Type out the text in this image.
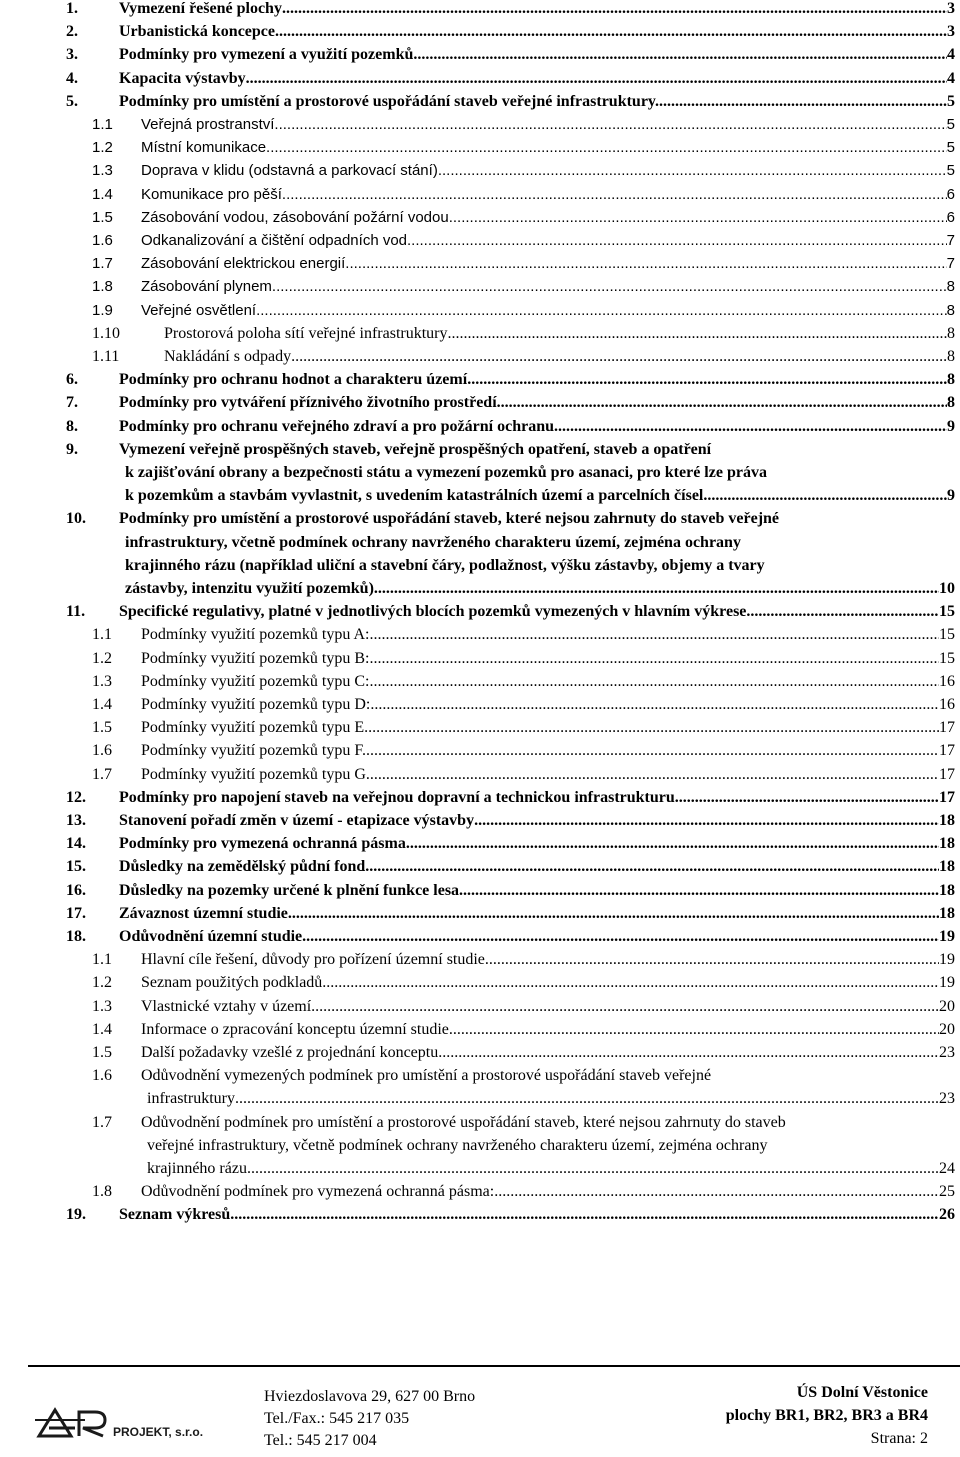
1.	Vymezení řešené plochy .....	3
2.	Urbanistická koncepce .....	3
3.	Podmínky pro vymezení a využití pozemků .....	4
4.	Kapacita výstavby .....	4
5.	Podmínky pro umístění a prostorové uspořádání staveb veřejné infrastruktury. .....	5
1.1 Veřejná prostranství .....	5
1.2 Místní komunikace .....	5
1.3 Doprava v klidu (odstavná a parkovací stání) .....	5
1.4 Komunikace pro pěší .....	6
1.5 Zásobování vodou, zásobování požární vodou .....	6
1.6 Odkanalizování a čištění odpadních vod .....	7
1.7 Zásobování elektrickou energií .....	7
1.8 Zásobování plynem .....	8
1.9 Veřejné osvětlení .....	8
1.10	Prostorová poloha sítí veřejné infrastruktury .....	8
1.11	Nakládání s odpady .....	8
6.	Podmínky pro ochranu hodnot a charakteru území .....	8
7.	Podmínky pro vytváření příznivého životního prostředí .....	8
8.	Podmínky pro ochranu veřejného zdraví a pro požární ochranu .....	9
9.	Vymezení veřejně prospěšných staveb, veřejně prospěšných opatření, staveb a opatření
k zajišťování obrany a bezpečnosti státu a vymezení pozemků pro asanaci, pro které lze práva
k pozemkům a stavbám vyvlastnit, s uvedením katastrálních území a parcelních čísel .....	9
10. Podmínky pro umístění a prostorové uspořádání staveb, které nejsou zahrnuty do staveb veřejné
infrastruktury, včetně podmínek ochrany navrženého charakteru území, zejména ochrany
krajinného rázu (například uliční a stavební čáry, podlažnost, výšku zástavby, objemy a tvary
zástavby, intenzitu využití pozemků) .....	10
11. Specifické regulativy, platné v jednotlivých blocích pozemků vymezených v hlavním výkrese .....	15
1.1 Podmínky využití pozemků typu A: .....	15
1.2 Podmínky využití pozemků typu B: .....	15
1.3 Podmínky využití pozemků typu C: .....	16
1.4 Podmínky využití pozemků typu D: .....	16
1.5 Podmínky využití pozemků typu E. .....	17
1.6 Podmínky využití pozemků typu F. .....	17
1.7 Podmínky využití pozemků typu G .....	17
12. Podmínky pro napojení staveb na veřejnou dopravní a technickou infrastrukturu .....	17
13. Stanovení pořadí změn v území - etapizace výstavby .....	18
14. Podmínky pro vymezená ochranná pásma .....	18
15. Důsledky na zemědělský půdní fond .....	18
16. Důsledky na pozemky určené k plnění funkce lesa .....	18
17. Závaznost územní studie .....	18
18. Odůvodnění územní studie .....	19
1.1 Hlavní cíle řešení, důvody pro pořízení územní studie .....	19
1.2 Seznam použitých podkladů .....	19
1.3 Vlastnické vztahy v území .....	20
1.4 Informace o zpracování konceptu územní studie .....	20
1.5 Další požadavky vzešlé z projednání konceptu .....	23
1.6 Odůvodnění vymezených podmínek pro umístění a prostorové uspořádání staveb veřejné
infrastruktury .....	23
1.7 Odůvodnění podmínek pro umístění a prostorové uspořádání staveb, které nejsou zahrnuty do staveb
veřejné infrastruktury, včetně podmínek ochrany navrženého charakteru území, zejména ochrany
krajinného rázu .....	24
1.8 Odůvodnění podmínek pro vymezená ochranná pásma: .....	25
19. Seznam výkresů .....	26
PROJEKT, s.r.o.
Hviezdoslavova 29, 627 00 Brno
Tel./Fax.: 545 217 035
Tel.: 545 217 004
ÚS Dolní Věstonice
plochy BR1, BR2, BR3 a BR4
Strana: 2
